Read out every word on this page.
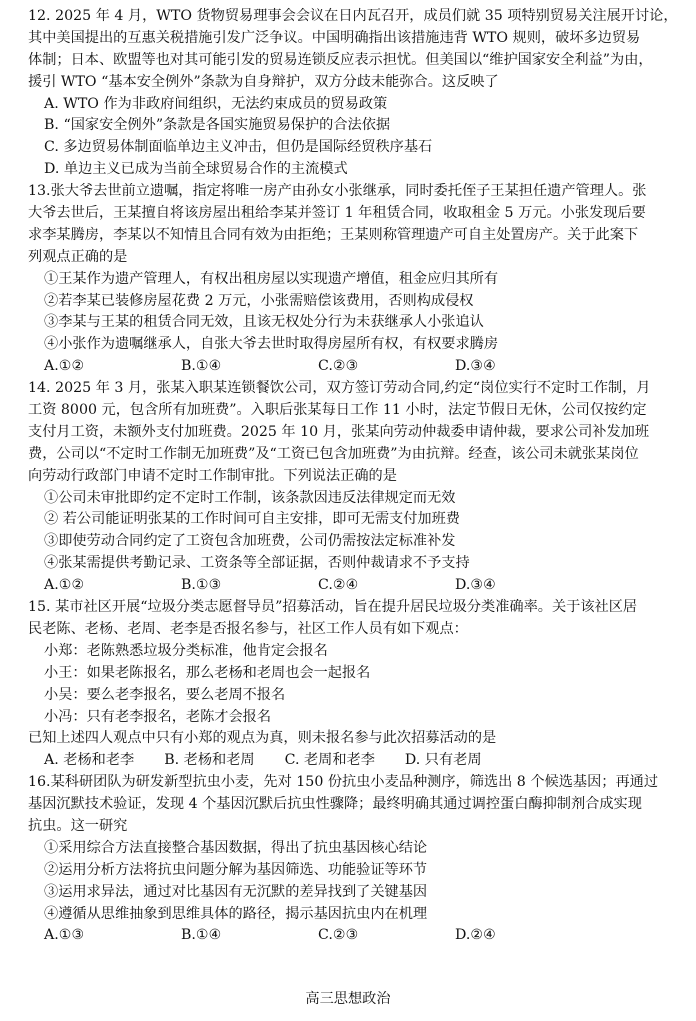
12. 2025 年 4 月，WTO 货物贸易理事会会议在日内瓦召开，成员们就 35 项特别贸易关注展开讨论，
其中美国提出的互惠关税措施引发广泛争议。中国明确指出该措施违背 WTO 规则，破坏多边贸易
体制；日本、欧盟等也对其可能引发的贸易连锁反应表示担忧。但美国以“维护国家安全利益”为由，
援引 WTO “基本安全例外”条款为自身辩护，双方分歧未能弥合。这反映了
A. WTO 作为非政府间组织，无法约束成员的贸易政策
B. “国家安全例外”条款是各国实施贸易保护的合法依据
C. 多边贸易体制面临单边主义冲击，但仍是国际经贸秩序基石
D. 单边主义已成为当前全球贸易合作的主流模式
13.张大爷去世前立遗嘱，指定将唯一房产由孙女小张继承，同时委托侄子王某担任遗产管理人。张
大爷去世后，王某擅自将该房屋出租给李某并签订 1 年租赁合同，收取租金 5 万元。小张发现后要
求李某腾房，李某以不知情且合同有效为由拒绝；王某则称管理遗产可自主处置房产。关于此案下
列观点正确的是
①王某作为遗产管理人，有权出租房屋以实现遗产增值，租金应归其所有
②若李某已装修房屋花费 2 万元，小张需赔偿该费用，否则构成侵权
③李某与王某的租赁合同无效，且该无权处分行为未获继承人小张追认
④小张作为遗嘱继承人，自张大爷去世时取得房屋所有权，有权要求腾房
A.①②	B.①④	C.②③	D.③④
14. 2025 年 3 月，张某入职某连锁餐饮公司，双方签订劳动合同,约定“岗位实行不定时工作制，月
工资 8000 元，包含所有加班费”。入职后张某每日工作 11 小时，法定节假日无休，公司仅按约定
支付月工资，未额外支付加班费。2025 年 10 月，张某向劳动仲裁委申请仲裁，要求公司补发加班
费，公司以“不定时工作制无加班费”及“工资已包含加班费”为由抗辩。经查，该公司未就张某岗位
向劳动行政部门申请不定时工作制审批。下列说法正确的是
①公司未审批即约定不定时工作制，该条款因违反法律规定而无效
② 若公司能证明张某的工作时间可自主安排，即可无需支付加班费
③即使劳动合同约定了工资包含加班费，公司仍需按法定标准补发
④张某需提供考勤记录、工资条等全部证据，否则仲裁请求不予支持
A.①②	B.①③	C.②④	D.③④
15. 某市社区开展“垃圾分类志愿督导员”招募活动，旨在提升居民垃圾分类准确率。关于该社区居
民老陈、老杨、老周、老李是否报名参与，社区工作人员有如下观点：
小郑：老陈熟悉垃圾分类标准，他肯定会报名
小王：如果老陈报名，那么老杨和老周也会一起报名
小吴：要么老李报名，要么老周不报名
小冯：只有老李报名，老陈才会报名
已知上述四人观点中只有小郑的观点为真，则未报名参与此次招募活动的是
A. 老杨和老李 B. 老杨和老周 C. 老周和老李 D. 只有老周
16.某科研团队为研发新型抗虫小麦，先对 150 份抗虫小麦品种测序，筛选出 8 个候选基因；再通过
基因沉默技术验证，发现 4 个基因沉默后抗虫性骤降；最终明确其通过调控蛋白酶抑制剂合成实现
抗虫。这一研究
①采用综合方法直接整合基因数据，得出了抗虫基因核心结论
②运用分析方法将抗虫问题分解为基因筛选、功能验证等环节
③运用求异法，通过对比基因有无沉默的差异找到了关键基因
④遵循从思维抽象到思维具体的路径，揭示基因抗虫内在机理
A.①③	B.①④	C.②③	D.②④
高三思想政治
